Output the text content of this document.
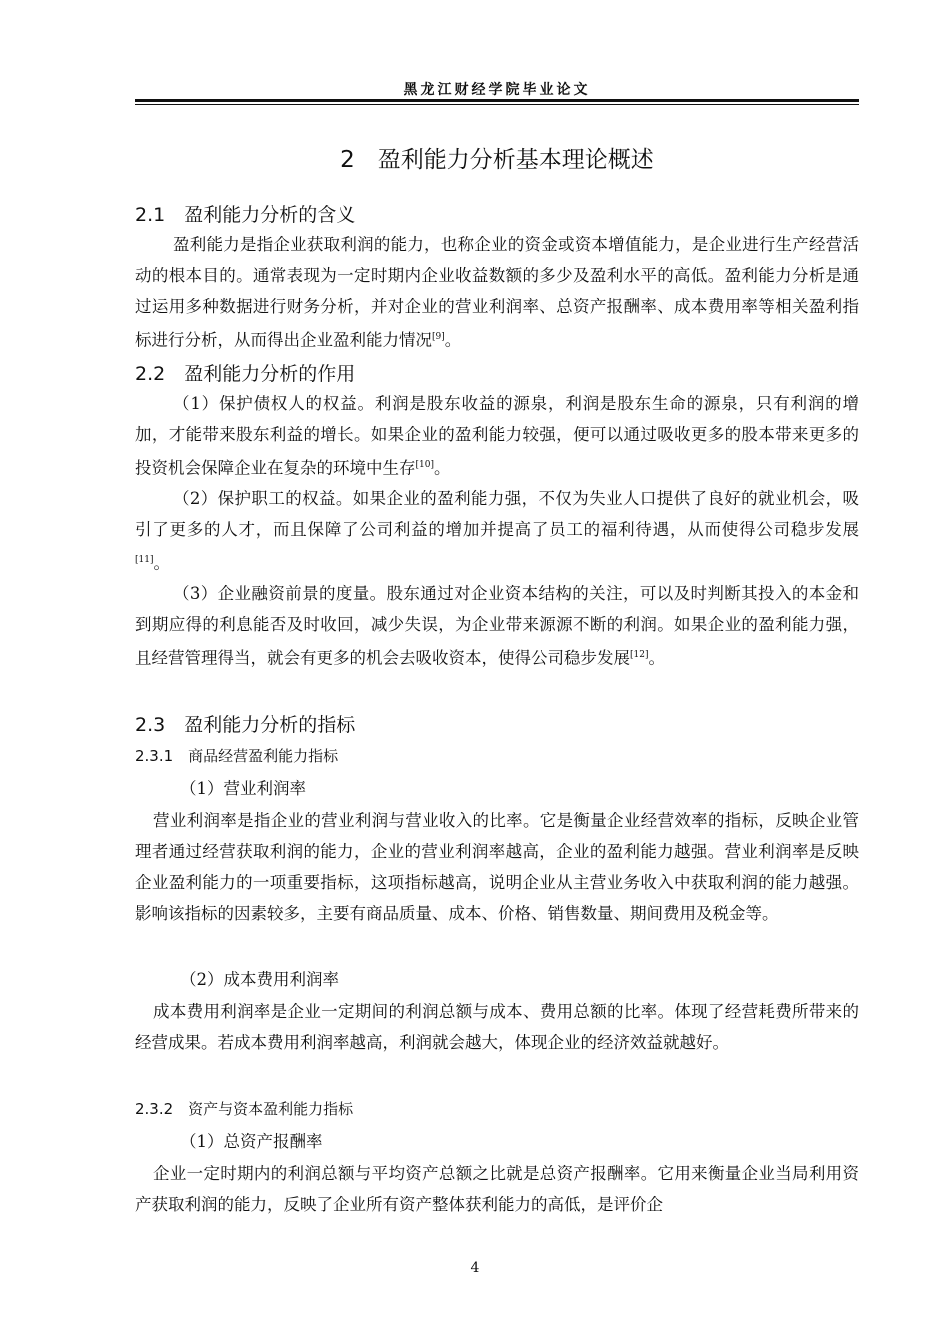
黑龙江财经学院毕业论文
2　盈利能力分析基本理论概述
2.1　盈利能力分析的含义

盈利能力是指企业获取利润的能力，也称企业的资金或资本增值能力，是企业进行生产经营活动的根本目的。通常表现为一定时期内企业收益数额的多少及盈利水平的高低。盈利能力分析是通过运用多种数据进行财务分析，并对企业的营业利润率、总资产报酬率、成本费用率等相关盈利指标进行分析，从而得出企业盈利能力情况[9]。

2.2　盈利能力分析的作用

（1）保护债权人的权益。利润是股东收益的源泉，利润是股东生命的源泉，只有利润的增加，才能带来股东利益的增长。如果企业的盈利能力较强，便可以通过吸收更多的股本带来更多的投资机会保障企业在复杂的环境中生存[10]。

（2）保护职工的权益。如果企业的盈利能力强，不仅为失业人口提供了良好的就业机会，吸引了更多的人才，而且保障了公司利益的增加并提高了员工的福利待遇，从而使得公司稳步发展[11]。

（3）企业融资前景的度量。股东通过对企业资本结构的关注，可以及时判断其投入的本金和到期应得的利息能否及时收回，减少失误，为企业带来源源不断的利润。如果企业的盈利能力强，且经营管理得当，就会有更多的机会去吸收资本，使得公司稳步发展[12]。

2.3　盈利能力分析的指标
2.3.1　商品经营盈利能力指标
（1）营业利润率

营业利润率是指企业的营业利润与营业收入的比率。它是衡量企业经营效率的指标，反映企业管理者通过经营获取利润的能力，企业的营业利润率越高，企业的盈利能力越强。营业利润率是反映企业盈利能力的一项重要指标，这项指标越高，说明企业从主营业务收入中获取利润的能力越强。影响该指标的因素较多，主要有商品质量、成本、价格、销售数量、期间费用及税金等。

（2）成本费用利润率

成本费用利润率是企业一定期间的利润总额与成本、费用总额的比率。体现了经营耗费所带来的经营成果。若成本费用利润率越高，利润就会越大，体现企业的经济效益就越好。

2.3.2　资产与资本盈利能力指标
（1）总资产报酬率

企业一定时期内的利润总额与平均资产总额之比就是总资产报酬率。它用来衡量企业当局利用资产获取利润的能力，反映了企业所有资产整体获利能力的高低，是评价企

4
